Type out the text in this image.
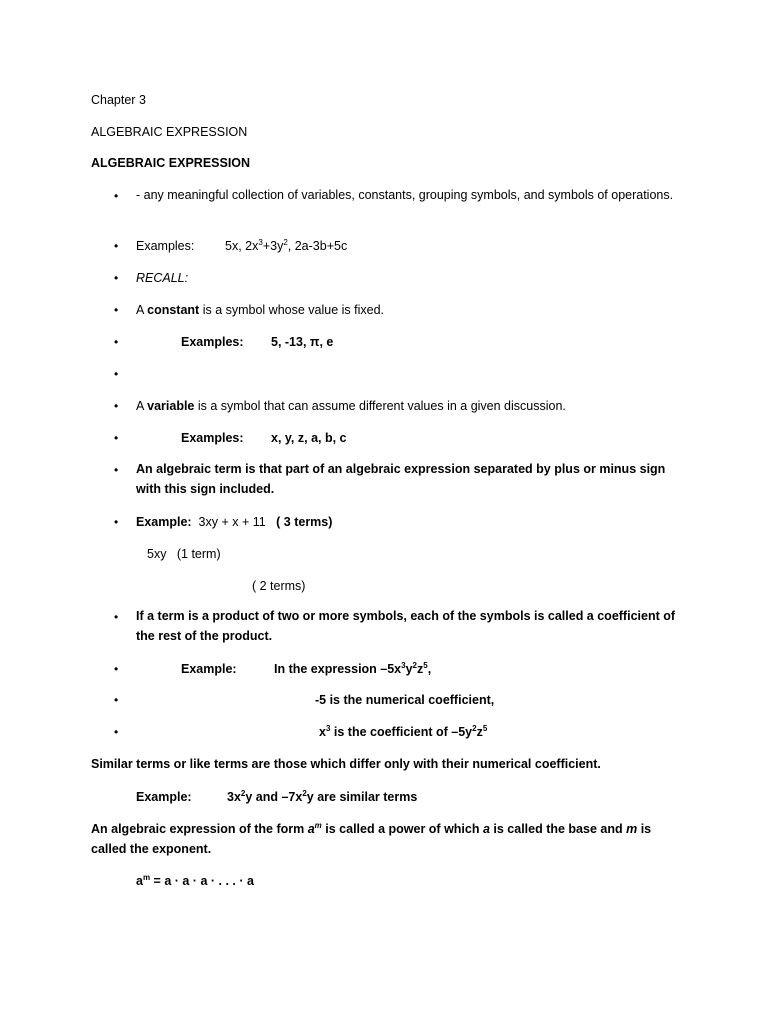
Chapter 3
ALGEBRAIC EXPRESSION
ALGEBRAIC EXPRESSION
•	- any meaningful collection of variables, constants, grouping symbols, and symbols of operations.
•	Examples: 5x, $2x^3+3y^2$, 2a-3b+5c
•	RECALL:
•	A constant is a symbol whose value is fixed.
•	Examples: 5, -13, π, e
•
•	A variable is a symbol that can assume different values in a given discussion.
•	Examples: x, y, z, a, b, c
•	An algebraic term is that part of an algebraic expression separated by plus or minus sign with this sign included.
•	Example: 3xy + x + 11 ( 3 terms)
5xy (1 term)
( 2 terms)
•	If a term is a product of two or more symbols, each of the symbols is called a coefficient of the rest of the product.
•	Example:	In the expression $-5x^3y^2z^5$,
•	-5 is the numerical coefficient,
•	$x^3$ is the coefficient of $-5y^2z^5$
Similar terms or like terms are those which differ only with their numerical coefficient.
Example:	$3x^2y$ and $-7x^2y$ are similar terms
An algebraic expression of the form $a^m$ is called a power of which a is called the base and m is called the exponent.
$a^m = a \cdot a \cdot a$ · . . . · a
